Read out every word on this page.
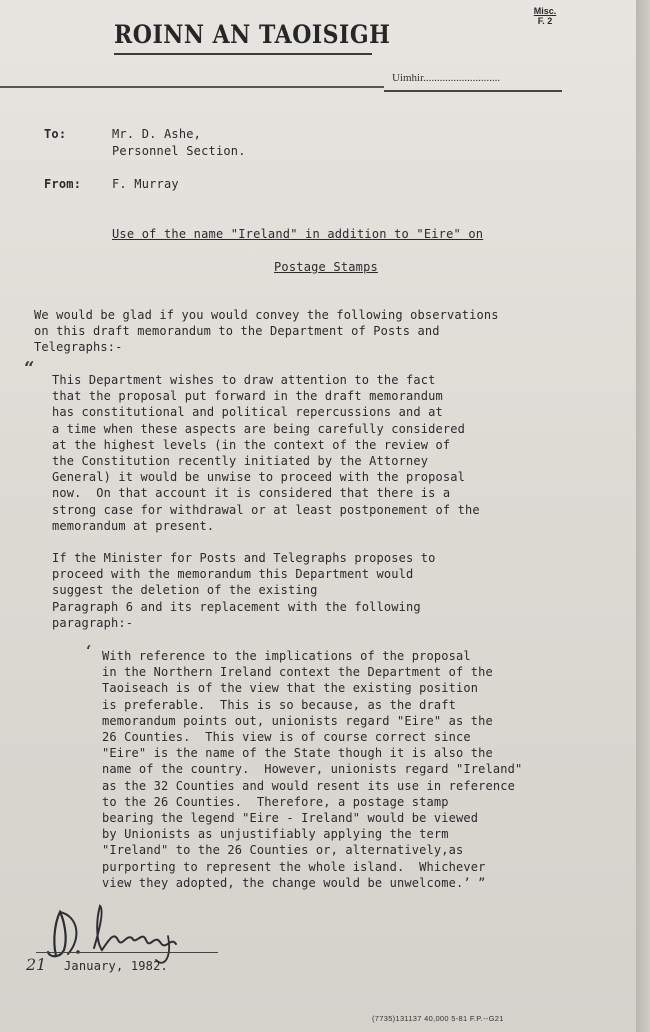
ROINN AN TAOISIGH
Misc.
F. 2
Uimhir............................
To:	Mr. D. Ashe,
Personnel Section.
From:	F. Murray
Use of the name "Ireland" in addition to "Eire" on
Postage Stamps
We would be glad if you would convey the following observations
on this draft memorandum to the Department of Posts and
Telegraphs:-
“
This Department wishes to draw attention to the fact
that the proposal put forward in the draft memorandum
has constitutional and political repercussions and at
a time when these aspects are being carefully considered
at the highest levels (in the context of the review of
the Constitution recently initiated by the Attorney
General) it would be unwise to proceed with the proposal
now.  On that account it is considered that there is a
strong case for withdrawal or at least postponement of the
memorandum at present.
If the Minister for Posts and Telegraphs proposes to
proceed with the memorandum this Department would
suggest the deletion of the existing
Paragraph 6 and its replacement with the following
paragraph:-
‘ With reference to the implications of the proposal
in the Northern Ireland context the Department of the
Taoiseach is of the view that the existing position
is preferable.  This is so because, as the draft
memorandum points out, unionists regard "Eire" as the
26 Counties.  This view is of course correct since
"Eire" is the name of the State though it is also the
name of the country.  However, unionists regard "Ireland"
as the 32 Counties and would resent its use in reference
to the 26 Counties.  Therefore, a postage stamp
bearing the legend "Eire - Ireland" would be viewed
by Unionists as unjustifiably applying the term
"Ireland" to the 26 Counties or, alternatively,as
purporting to represent the whole island.  Whichever
view they adopted, the change would be unwelcome.’ ”
21 January, 1982.
(7735)131137 40,000 5-81 F.P.--G21
